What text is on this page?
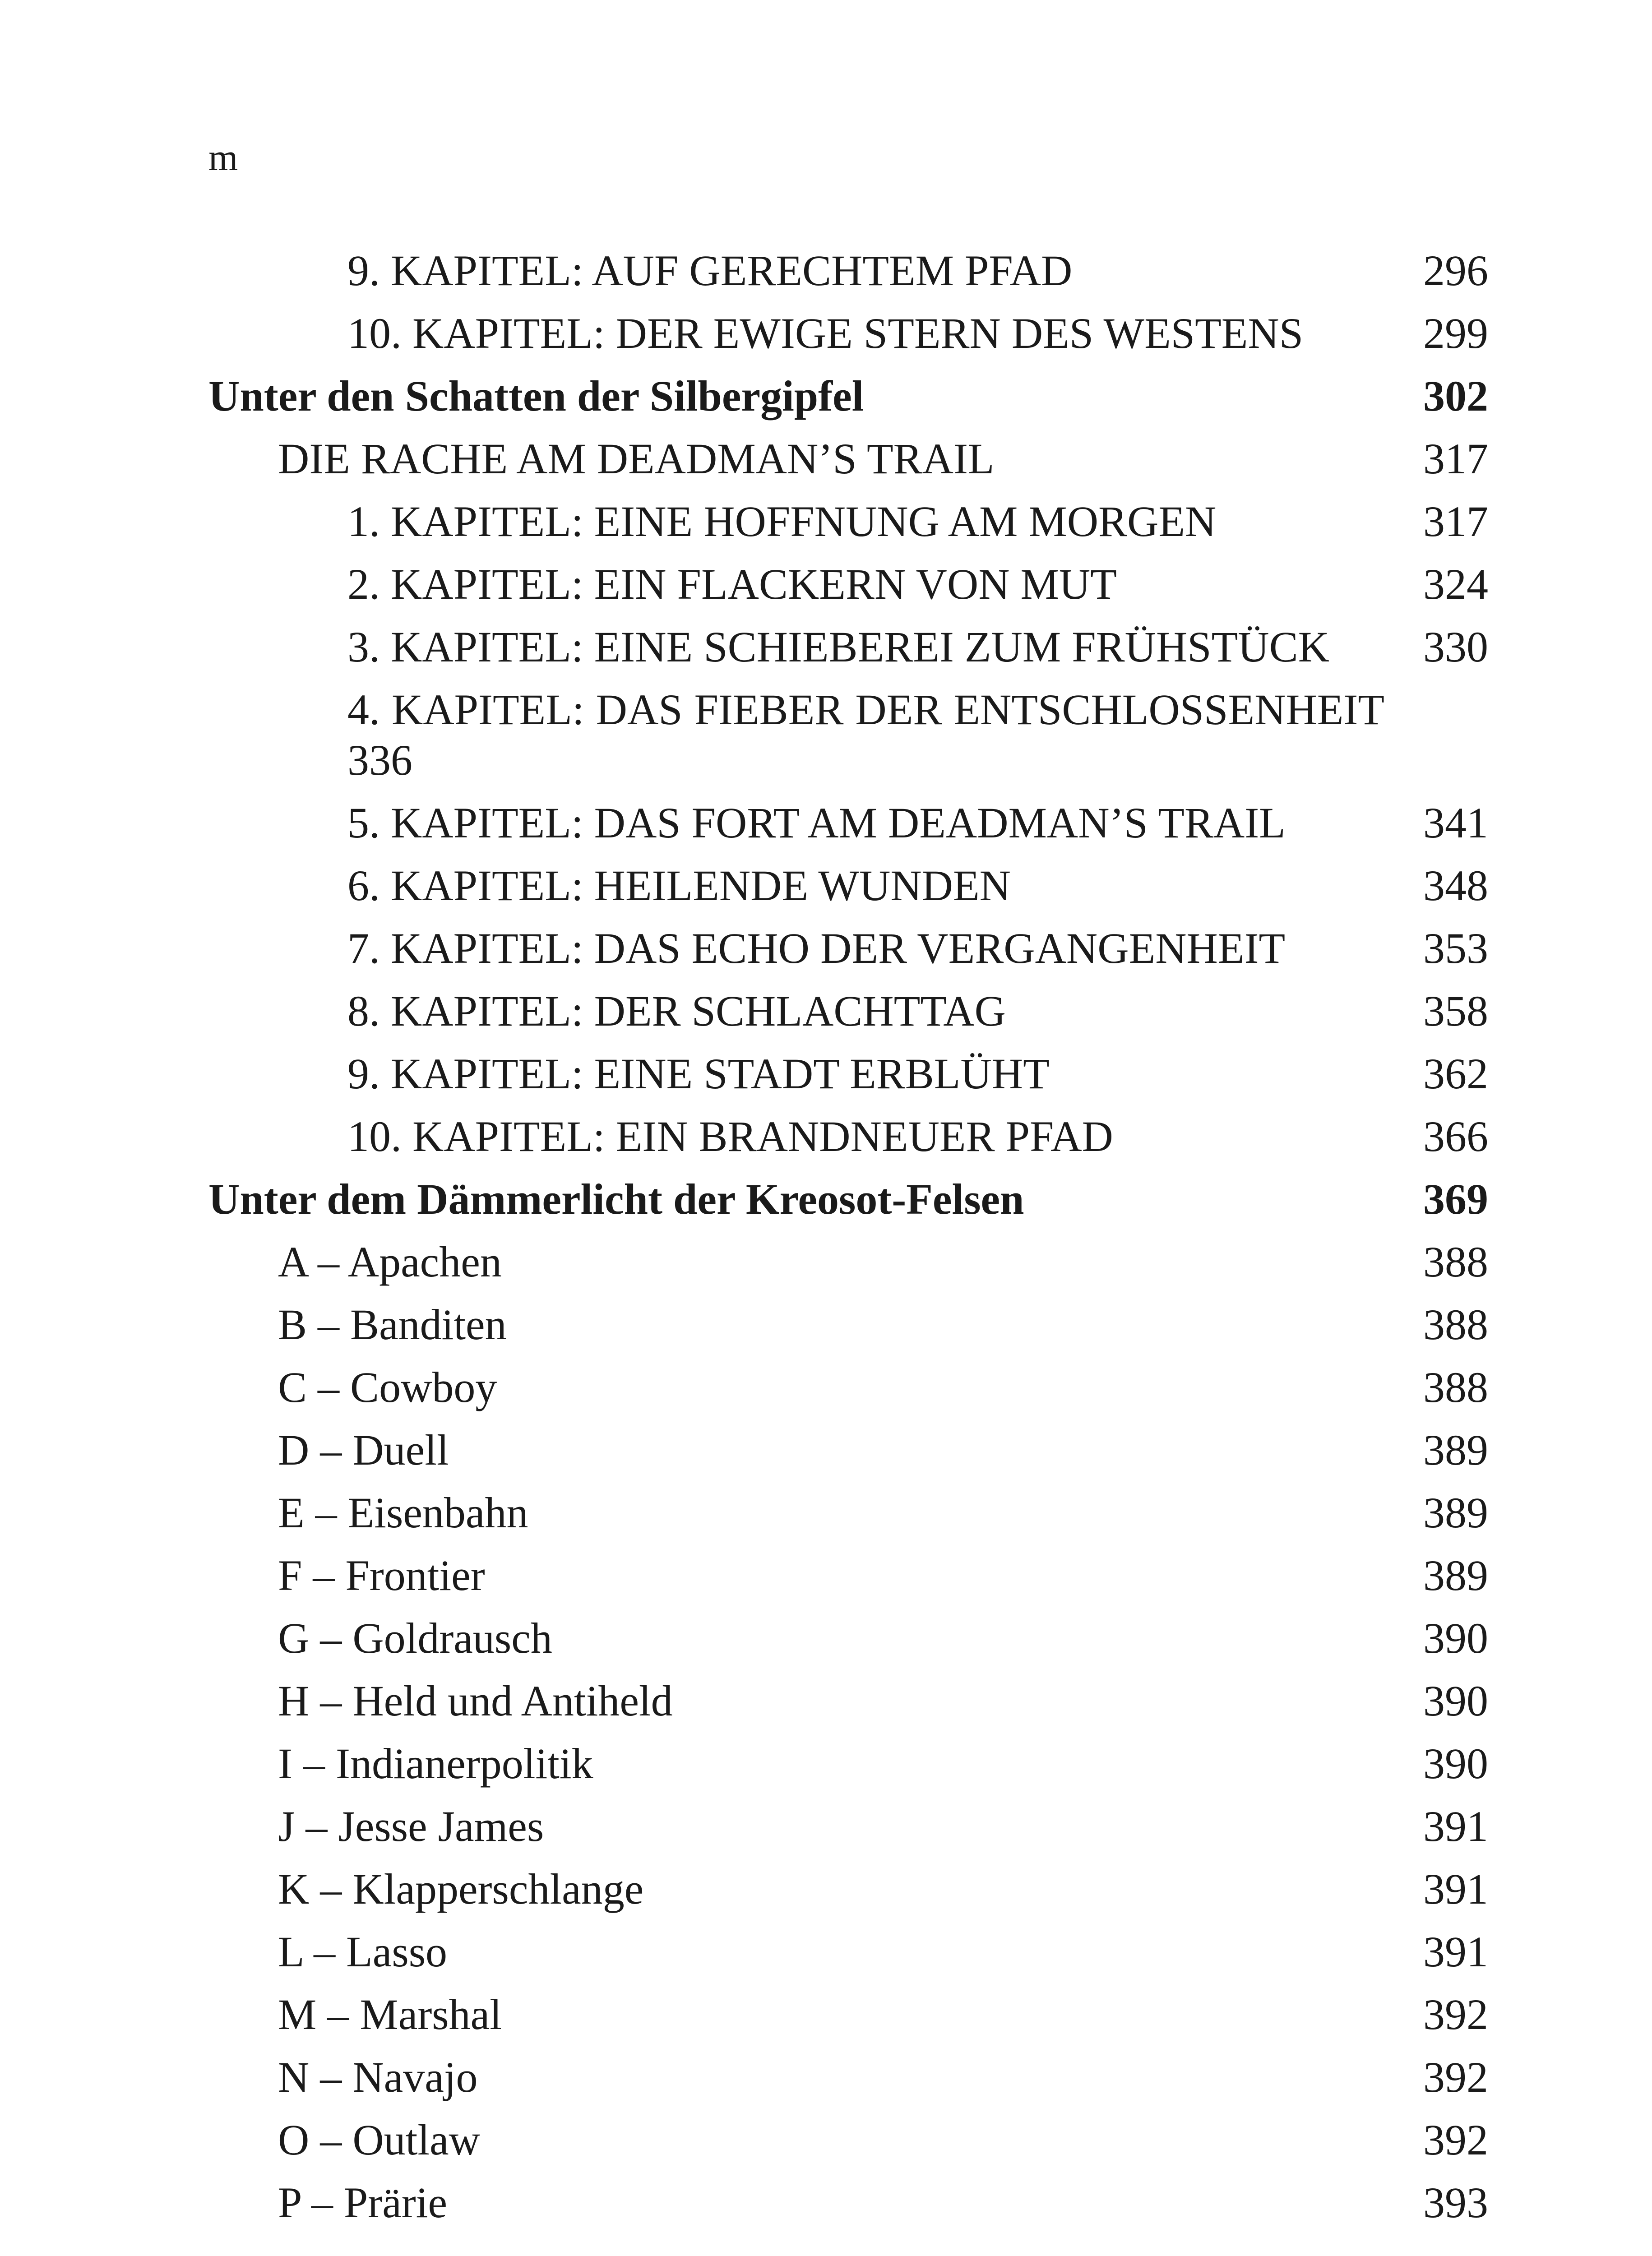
m
9. KAPITEL: AUF GERECHTEM PFAD	296
10. KAPITEL: DER EWIGE STERN DES WESTENS	299
Unter den Schatten der Silbergipfel	302
DIE RACHE AM DEADMAN’S TRAIL	317
1. KAPITEL: EINE HOFFNUNG AM MORGEN	317
2. KAPITEL: EIN FLACKERN VON MUT	324
3. KAPITEL: EINE SCHIEBEREI ZUM FRÜHSTÜCK	330
4. KAPITEL: DAS FIEBER DER ENTSCHLOSSENHEIT
336
5. KAPITEL: DAS FORT AM DEADMAN’S TRAIL	341
6. KAPITEL: HEILENDE WUNDEN	348
7. KAPITEL: DAS ECHO DER VERGANGENHEIT	353
8. KAPITEL: DER SCHLACHTTAG	358
9. KAPITEL: EINE STADT ERBLÜHT	362
10. KAPITEL: EIN BRANDNEUER PFAD	366
Unter dem Dämmerlicht der Kreosot-Felsen	369
A – Apachen	388
B – Banditen	388
C – Cowboy	388
D – Duell	389
E – Eisenbahn	389
F – Frontier	389
G – Goldrausch	390
H – Held und Antiheld	390
I – Indianerpolitik	390
J – Jesse James	391
K – Klapperschlange	391
L – Lasso	391
M – Marshal	392
N – Navajo	392
O – Outlaw	392
P – Prärie	393
